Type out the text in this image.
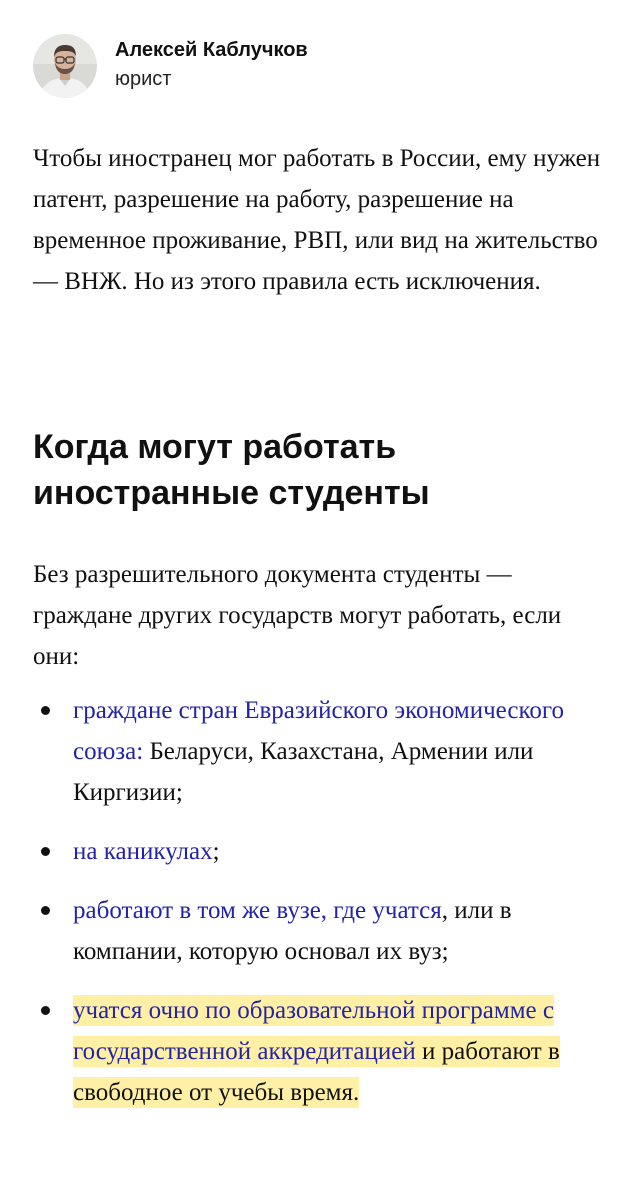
Алексей Каблучков
юрист

Чтобы иностранец мог работать в России, ему нужен патент, разрешение на работу, разрешение на временное проживание, РВП, или вид на жительство — ВНЖ. Но из этого правила есть исключения.

Когда могут работать иностранные студенты

Без разрешительного документа студенты — граждане других государств могут работать, если они:

граждане стран Евразийского экономического союза: Беларуси, Казахстана, Армении или Киргизии;
на каникулах;
работают в том же вузе, где учатся, или в компании, которую основал их вуз;
учатся очно по образовательной программе с государственной аккредитацией и работают в свободное от учебы время.
